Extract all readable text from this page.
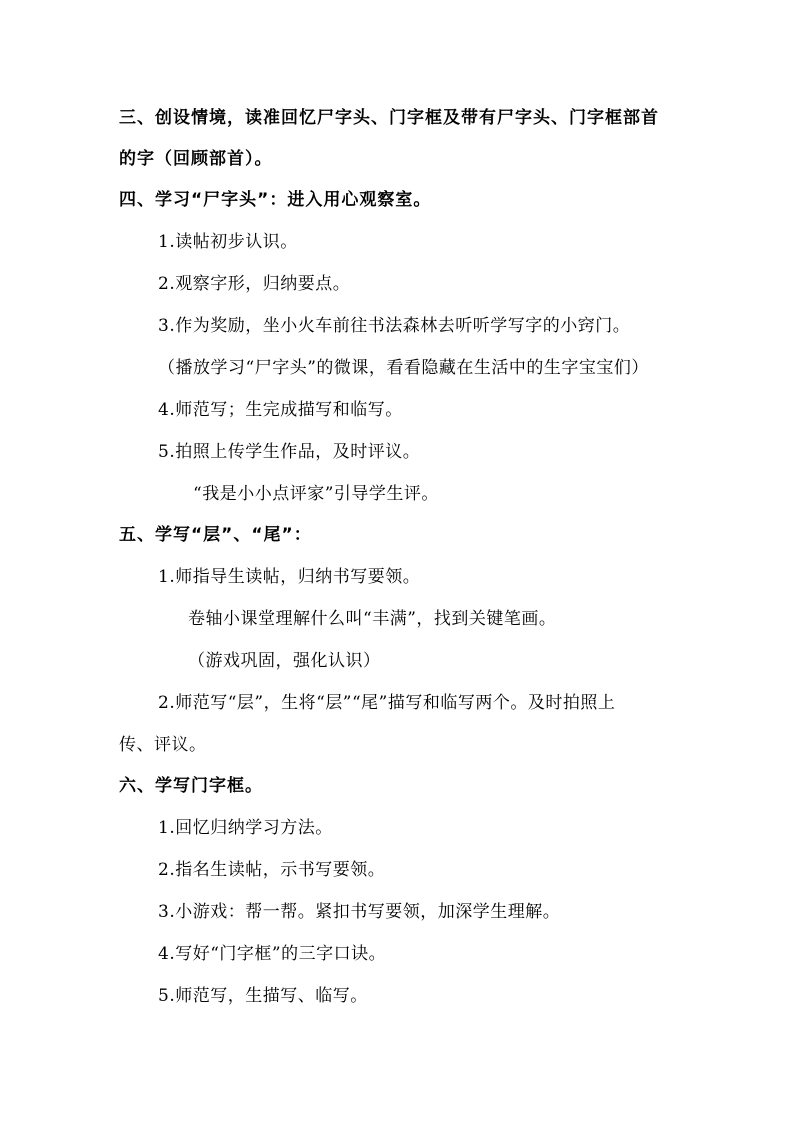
三、创设情境，读准回忆尸字头、门字框及带有尸字头、门字框部首
的字（回顾部首）。
四、学习“尸字头”：进入用心观察室。
1.读帖初步认识。
2.观察字形，归纳要点。
3.作为奖励，坐小火车前往书法森林去听听学写字的小窍门。
（播放学习“尸字头”的微课，看看隐藏在生活中的生字宝宝们）
4.师范写；生完成描写和临写。
5.拍照上传学生作品，及时评议。
“我是小小点评家”引导学生评。
五、学写“层”、“尾”：
1.师指导生读帖，归纳书写要领。
卷轴小课堂理解什么叫“丰满”，找到关键笔画。
（游戏巩固，强化认识）
2.师范写“层”，生将“层”“尾”描写和临写两个。及时拍照上
传、评议。
六、学写门字框。
1.回忆归纳学习方法。
2.指名生读帖，示书写要领。
3.小游戏：帮一帮。紧扣书写要领，加深学生理解。
4.写好“门字框”的三字口诀。
5.师范写，生描写、临写。
